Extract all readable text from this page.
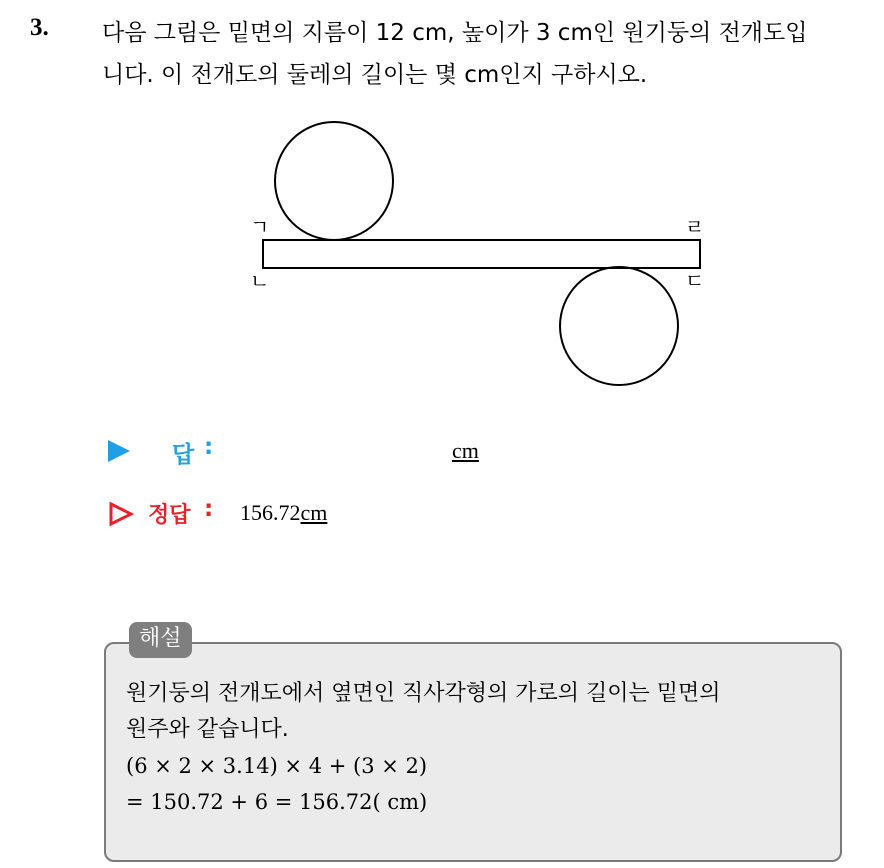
3. 다음 그림은 밑면의 지름이 12 cm, 높이가 3 cm인 원기둥의 전개도입
니다. 이 전개도의 둘레의 길이는 몇 cm인지 구하시오.
ㄱ
ㄴ	ㄷ
ㄹ
답 :	cm
정답 : 156.72cm
해설
원기둥의 전개도에서 옆면인 직사각형의 가로의 길이는 밑면의
원주와 같습니다.
(6 × 2 × 3.14) × 4 + (3 × 2)
= 150.72 + 6 = 156.72( cm)
